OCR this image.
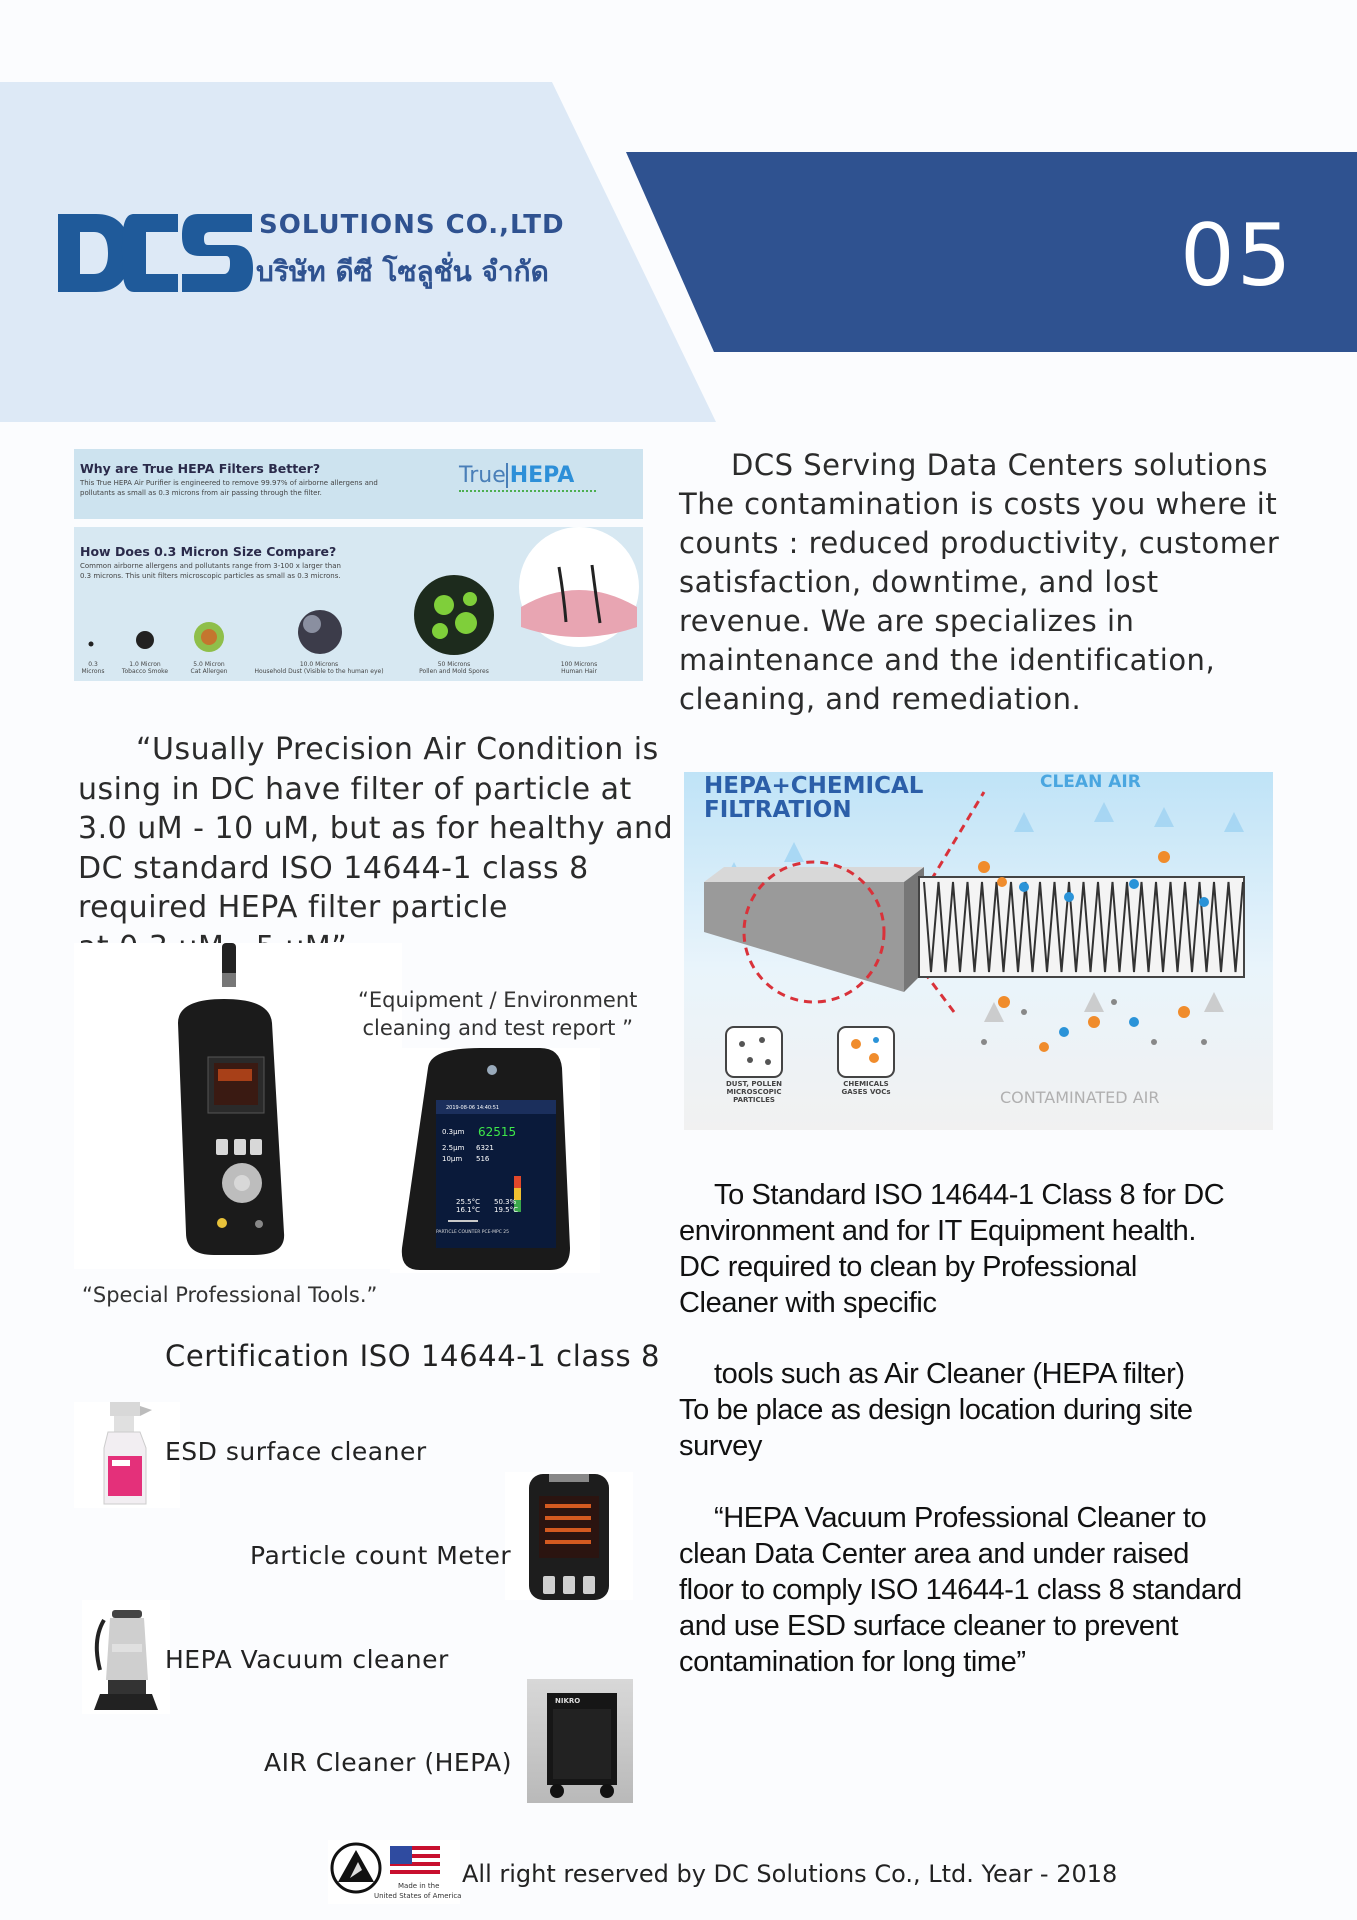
05
SOLUTIONS CO.,LTD
บริษัท ดีซี โซลูชั่น จำกัด
Why are True HEPA Filters Better?
This True HEPA Air Purifier is engineered to remove 99.97% of airborne allergens and
pollutants as small as 0.3 microns from air passing through the filter.
True HEPA
How Does 0.3 Micron Size Compare?
Common airborne allergens and pollutants range from 3-100 x larger than
0.3 microns. This unit filters microscopic particles as small as 0.3 microns.
0.3
Microns
1.0 Micron
Tobacco Smoke
5.0 Micron
Cat Allergen
10.0 Microns
Household Dust (Visible to the human eye)
50 Microns
Pollen and Mold Spores
100 Microns
Human Hair
DCS Serving Data Centers solutions
The contamination is costs you where it
counts : reduced productivity, customer
satisfaction, downtime, and lost
revenue. We are specializes in
maintenance and the identification,
cleaning, and remediation.
“Usually Precision Air Condition is
using in DC have filter of particle at
3.0 uM - 10 uM, but as for healthy and
DC standard ISO 14644-1 class 8
required HEPA filter particle
HEPA+CHEMICAL
FILTRATION
CLEAN AIR
CONTAMINATED AIR
DUST, POLLEN MICROSCOPIC PARTICLES
CHEMICALS GASES VOCs
2019-08-06 14:40:51
0.3μm 62515
2.5μm 6321
10μm 516
25.5°C
16.1°C
50.3%
19.5°C
PARTICLE COUNTER PCE-MPC 25
“Equipment / Environment
cleaning and test report ”
“Special Professional Tools.”
To Standard ISO 14644-1 Class 8 for DC
environment and for IT Equipment health.
DC required to clean by Professional
Cleaner with specific
tools such as Air Cleaner (HEPA filter)
To be place as design location during site
survey
“HEPA Vacuum Professional Cleaner to
clean Data Center area and under raised
floor to comply ISO 14644-1 class 8 standard
and use ESD surface cleaner to prevent
contamination for long time”
Certification ISO 14644-1 class 8
ESD surface cleaner
Particle count Meter
HEPA Vacuum cleaner
NIKRO
AIR Cleaner (HEPA)
Made in the
United States of America
All right reserved by DC Solutions Co., Ltd. Year - 2018
